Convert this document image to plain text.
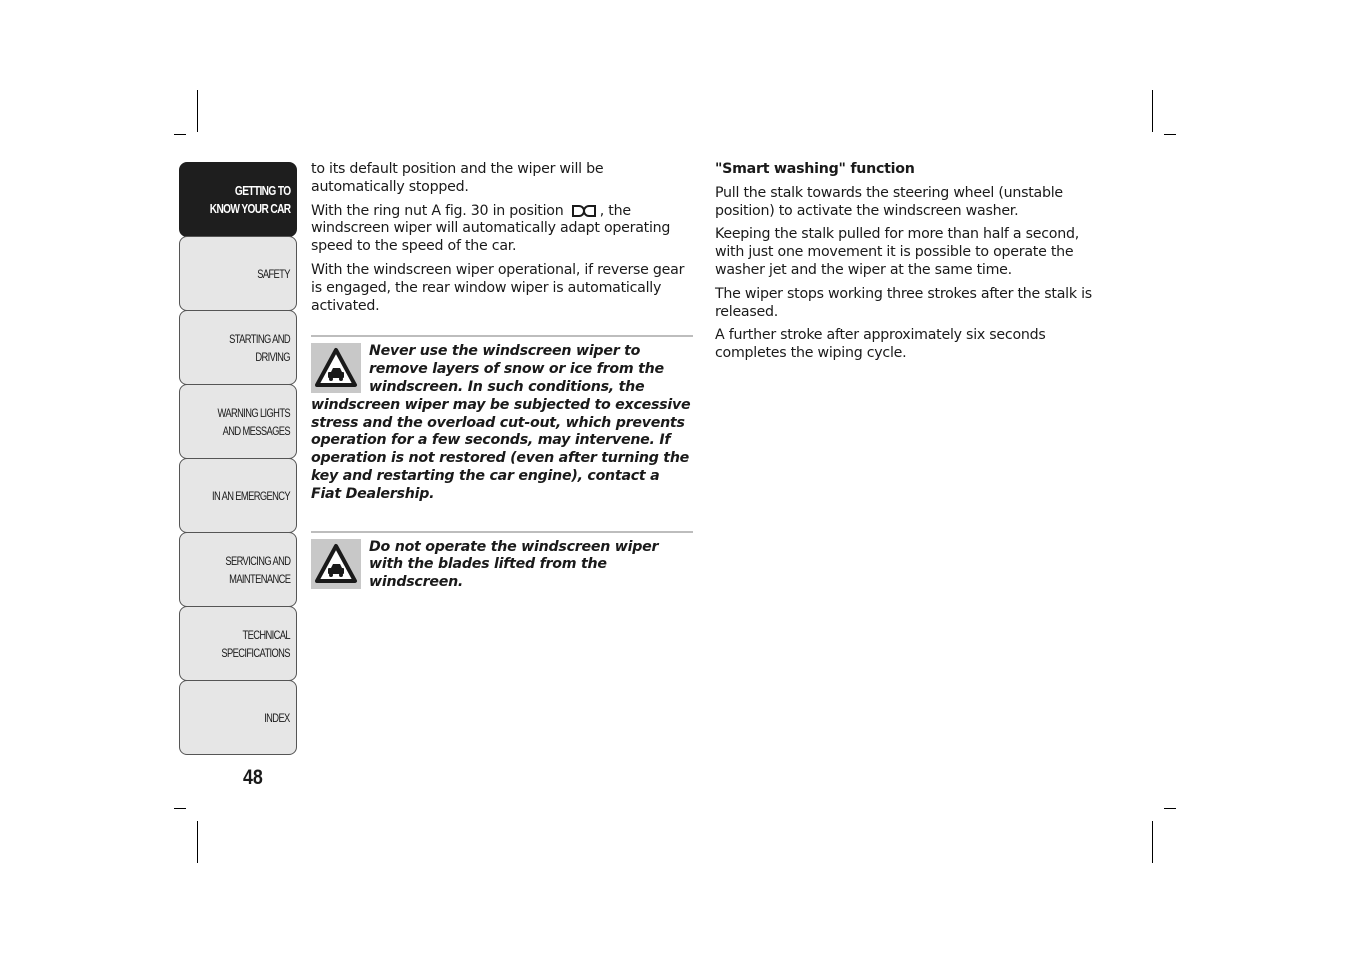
GETTING TO
KNOW YOUR CAR
SAFETY
STARTING AND
DRIVING
WARNING LIGHTS
AND MESSAGES
IN AN EMERGENCY
SERVICING AND
MAINTENANCE
TECHNICAL
SPECIFICATIONS
INDEX
48

to its default position and the wiper will be automatically stopped.

With the ring nut A fig. 30 in position	, the windscreen wiper will automatically adapt operating speed to the speed of the car.

With the windscreen wiper operational, if reverse gear is engaged, the rear window wiper is automatically activated.

Never use the windscreen wiper to remove layers of snow or ice from the windscreen. In such conditions, the windscreen wiper may be subjected to excessive stress and the overload cut-out, which prevents operation for a few seconds, may intervene. If operation is not restored (even after turning the key and restarting the car engine), contact a Fiat Dealership.
Do not operate the windscreen wiper with the blades lifted from the windscreen.

"Smart washing" function

Pull the stalk towards the steering wheel (unstable position) to activate the windscreen washer.

Keeping the stalk pulled for more than half a second, with just one movement it is possible to operate the washer jet and the wiper at the same time.

The wiper stops working three strokes after the stalk is released.

A further stroke after approximately six seconds completes the wiping cycle.
